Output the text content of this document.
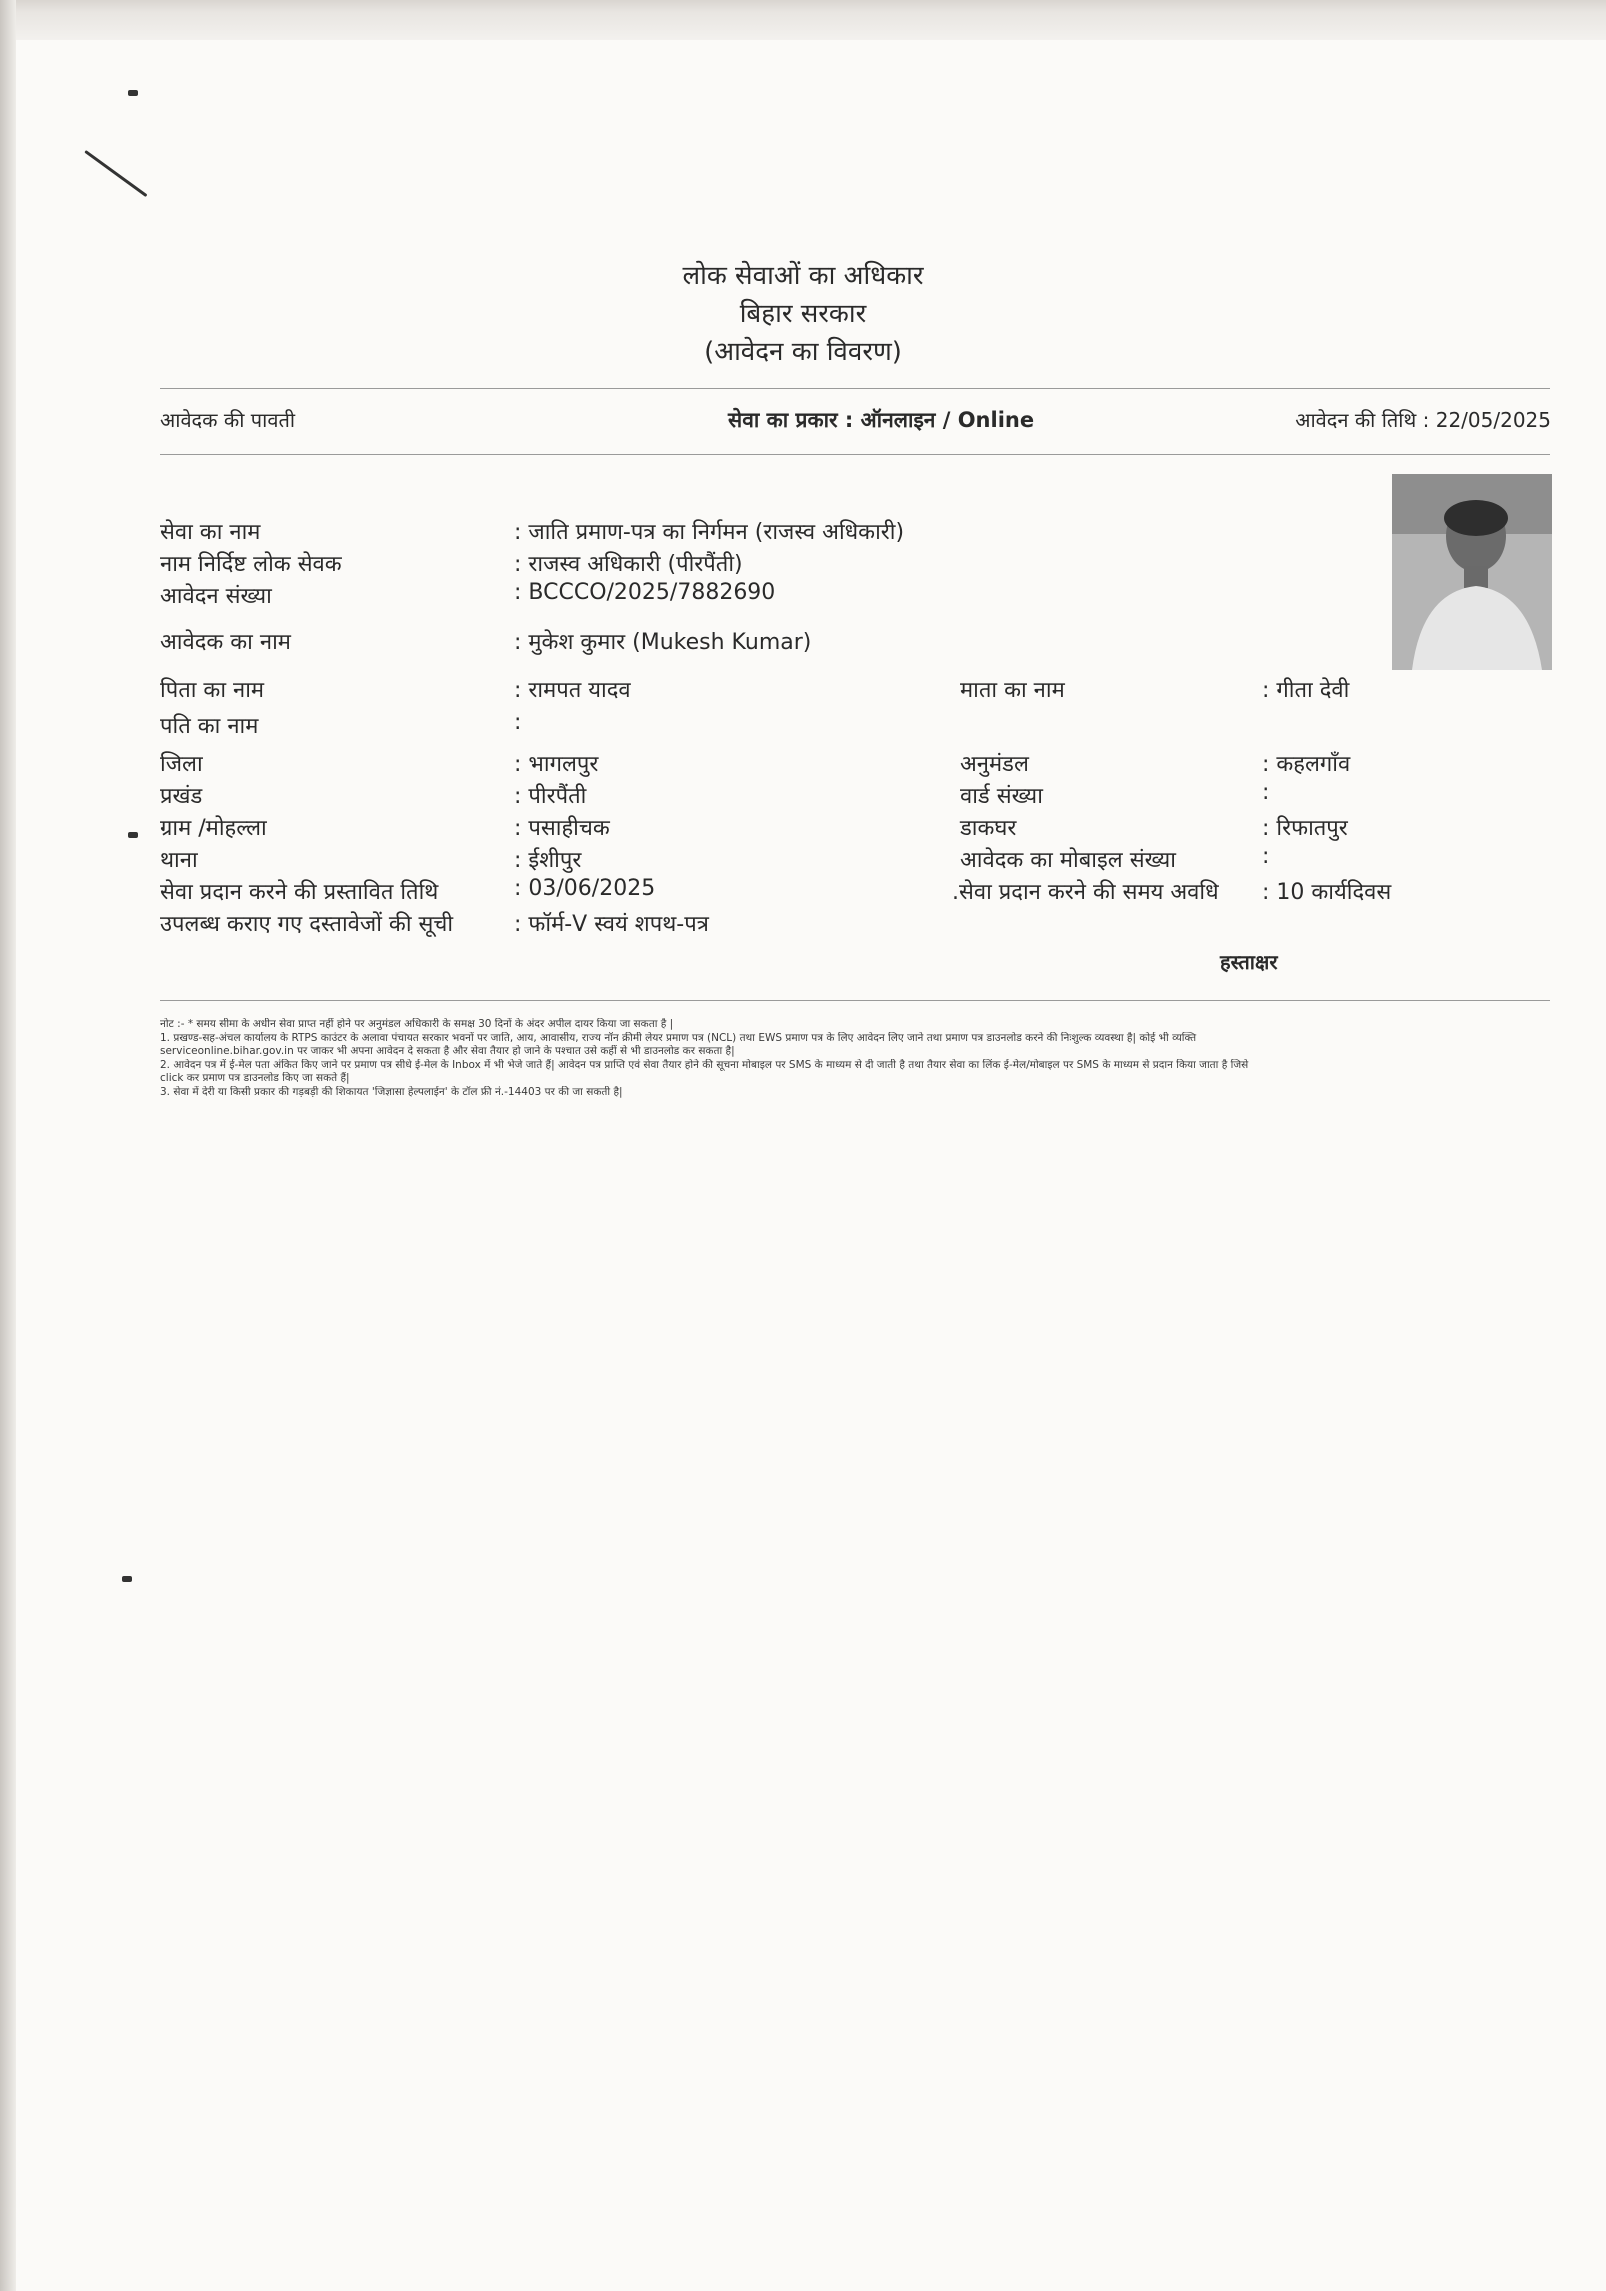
लोक सेवाओं का अधिकार
बिहार सरकार
(आवेदन का विवरण)
आवेदक की पावती	सेवा का प्रकार : ऑनलाइन / Online	आवेदन की तिथि : 22/05/2025
सेवा का नाम	: जाति प्रमाण-पत्र का निर्गमन (राजस्व अधिकारी)
नाम निर्दिष्ट लोक सेवक	: राजस्व अधिकारी (पीरपैंती)
आवेदन संख्या	: BCCCO/2025/7882690
आवेदक का नाम	: मुकेश कुमार (Mukesh Kumar)
पिता का नाम	: रामपत यादव	माता का नाम	: गीता देवी
पति का नाम	:
जिला	: भागलपुर	अनुमंडल	: कहलगाँव
प्रखंड	: पीरपैंती	वार्ड संख्या	:
ग्राम /मोहल्ला	: पसाहीचक	डाकघर	: रिफातपुर
थाना	: ईशीपुर	आवेदक का मोबाइल संख्या	:
सेवा प्रदान करने की प्रस्तावित तिथि	: 03/06/2025	.सेवा प्रदान करने की समय अवधि : 10 कार्यदिवस
उपलब्ध कराए गए दस्तावेजों की सूची	: फॉर्म-V स्वयं शपथ-पत्र
हस्ताक्षर
नोट :- * समय सीमा के अधीन सेवा प्राप्त नहीं होने पर अनुमंडल अधिकारी के समक्ष 30 दिनों के अंदर अपील दायर किया जा सकता है |
1. प्रखण्ड-सह-अंचल कार्यालय के RTPS काउंटर के अलावा पंचायत सरकार भवनों पर जाति, आय, आवासीय, राज्य नॉन क्रीमी लेयर प्रमाण पत्र (NCL) तथा EWS प्रमाण पत्र के लिए आवेदन लिए जाने तथा प्रमाण पत्र डाउनलोड करने की निःशुल्क व्यवस्था है| कोई भी व्यक्ति
serviceonline.bihar.gov.in पर जाकर भी अपना आवेदन दे सकता है और सेवा तैयार हो जाने के पश्चात उसे कहीं से भी डाउनलोड कर सकता है|
2. आवेदन पत्र में ई-मेल पता अंकित किए जाने पर प्रमाण पत्र सीधे ई-मेल के Inbox में भी भेजे जाते हैं| आवेदन पत्र प्राप्ति एवं सेवा तैयार होने की सूचना मोबाइल पर SMS के माध्यम से दी जाती है तथा तैयार सेवा का लिंक ई-मेल/मोबाइल पर SMS के माध्यम से प्रदान किया जाता है जिसे
click कर प्रमाण पत्र डाउनलोड किए जा सकते हैं|
3. सेवा में देरी या किसी प्रकार की गड़बड़ी की शिकायत 'जिज्ञासा हेल्पलाईन' के टॉल फ्री नं.-14403 पर की जा सकती है|
